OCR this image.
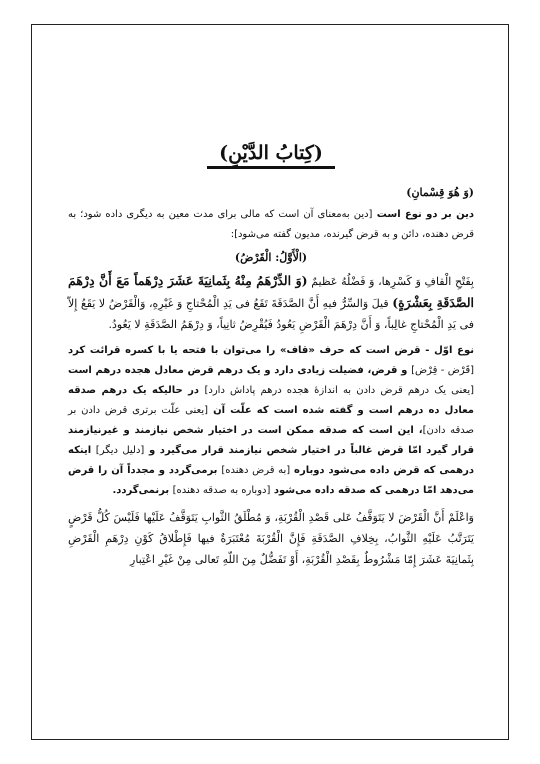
(کِتابُ الدَّیْنِ)
(وَ هُوَ قِسْمانِ)

دین بر دو نوع است [دین به‌معنای آن است که مالی برای مدت معین به دیگری داده شود؛ به قرض دهنده، دائن و به قرض گیرنده، مدیون گفته می‌شود]:

(الْأَوَّلُ: الْقَرْضُ)

بِفَتْحِ الْقافِ وَ کَسْرِها، وَ فَضْلُهُ عَظیمٌ (وَ الدِّرْهَمُ مِنْهُ بِثَمانِیَةَ عَشَرَ دِرْهَماً مَعَ أَنَّ دِرْهَمَ الصَّدَقَةِ بِعَشْرَةٍ) قیلَ وَالسِّرُّ فیهِ أَنَّ الصَّدَقَةَ تَقَعُ فی یَدِ الْمُحْتاجِ وَ غَیْرِهِ، وَالْقَرْضُ لا یَقَعُ إِلاّ فی یَدِ الْمُحْتاجِ غالِباً، وَ أَنَّ دِرْهَمَ الْقَرْضِ یَعُودُ فَیُقْرِضُ ثانِیاً، وَ دِرْهَمُ الصَّدَقَةِ لا یَعُودُ.

نوع اوّل - قرض است که حرف «قاف» را می‌توان با فتحه یا با کسره قرائت کرد [قَرْض - قِرْض] و قرض، فضیلت زیادی دارد و یک درهم قرض معادل هجده درهم است [یعنی یک درهم قرض دادن به اندازهٔ هجده درهم پاداش دارد] در حالیکه یک درهم صدقه معادل ده درهم است و گفته شده است که علّت آن [یعنی علّت برتری قرض دادن بر صدقه دادن]، این است که صدقه ممکن است در اختیار شخص نیازمند و غیرنیازمند قرار گیرد امّا قرض غالباً در اختیار شخص نیازمند قرار می‌گیرد و [دلیل دیگر] اینکه درهمی که قرض داده می‌شود دوباره [به قرض دهنده] برمی‌گردد و مجدداً آن را قرض می‌دهد امّا درهمی که صدقه داده می‌شود [دوباره به صدقه دهنده] برنمی‌گردد.

وَاعْلَمْ أَنَّ الْقَرْضَ لا یَتَوَقَّفُ عَلی قَصْدِ الْقُرْبَةِ، وَ مُطْلَقُ الثَّوابِ یَتَوَقَّفُ عَلَیْها فَلَیْسَ کُلُّ قَرْضٍ یَتَرَتَّبُ عَلَیْهِ الثَّوابُ، بِخِلافِ الصَّدَقَةِ فَإِنَّ الْقُرْبَةَ مُعْتَبَرَةٌ فیها فَإِطْلاقُ کَوْنِ دِرْهَمِ الْقَرْضِ بِثَمانِیَةَ عَشَرَ إِمّا مَشْرُوطٌ بِقَصْدِ الْقُرْبَةِ، أَوْ تَفَضُّلٌ مِنَ اللّهِ تَعالی مِنْ غَیْرِ اعْتِبارِ
